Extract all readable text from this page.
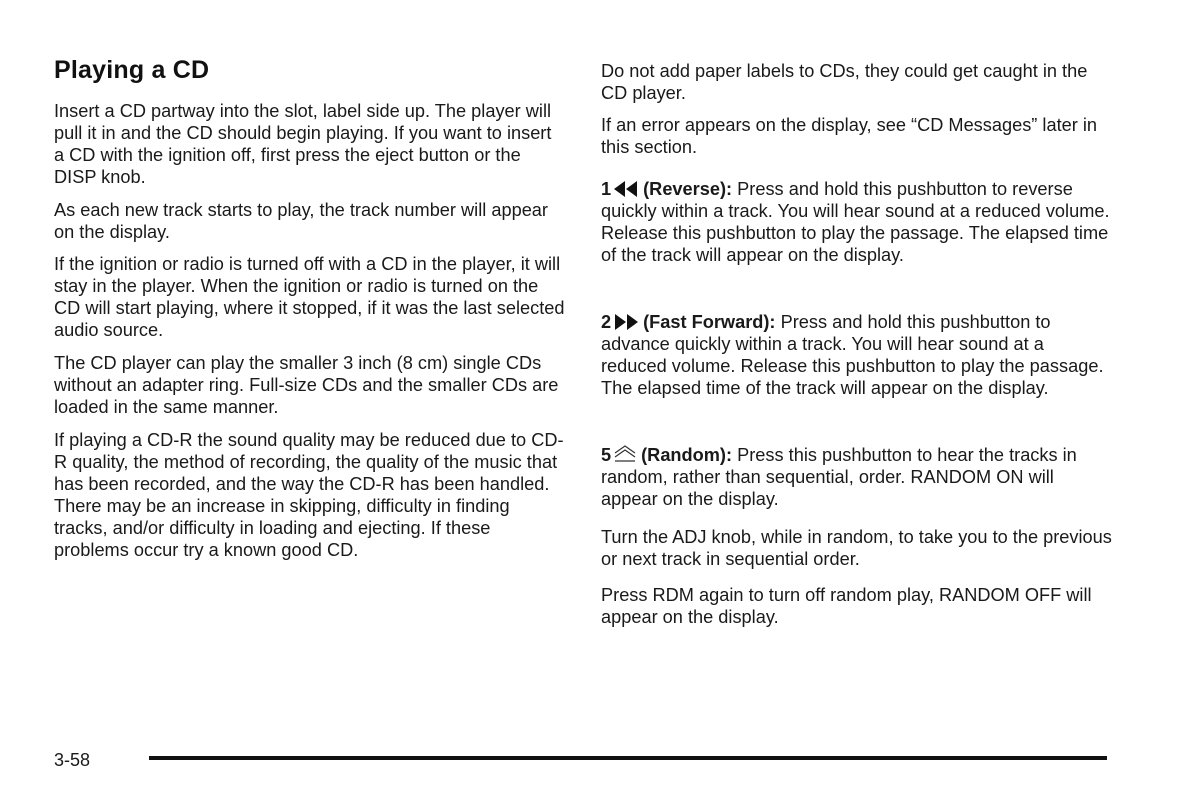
Playing a CD

Insert a CD partway into the slot, label side up. The player will pull it in and the CD should begin playing. If you want to insert a CD with the ignition off, first press the eject button or the DISP knob.

As each new track starts to play, the track number will appear on the display.

If the ignition or radio is turned off with a CD in the player, it will stay in the player. When the ignition or radio is turned on the CD will start playing, where it stopped, if it was the last selected audio source.

The CD player can play the smaller 3 inch (8 cm) single CDs without an adapter ring. Full-size CDs and the smaller CDs are loaded in the same manner.

If playing a CD-R the sound quality may be reduced due to CD-R quality, the method of recording, the quality of the music that has been recorded, and the way the CD-R has been handled. There may be an increase in skipping, difficulty in finding tracks, and/or difficulty in loading and ejecting. If these problems occur try a known good CD.

Do not add paper labels to CDs, they could get caught in the CD player.

If an error appears on the display, see “CD Messages” later in this section.

1 (Reverse): Press and hold this pushbutton to reverse quickly within a track. You will hear sound at a reduced volume. Release this pushbutton to play the passage. The elapsed time of the track will appear on the display.

2 (Fast Forward): Press and hold this pushbutton to advance quickly within a track. You will hear sound at a reduced volume. Release this pushbutton to play the passage. The elapsed time of the track will appear on the display.

5 (Random): Press this pushbutton to hear the tracks in random, rather than sequential, order. RANDOM ON will appear on the display.

Turn the ADJ knob, while in random, to take you to the previous or next track in sequential order.

Press RDM again to turn off random play, RANDOM OFF will appear on the display.

3-58
